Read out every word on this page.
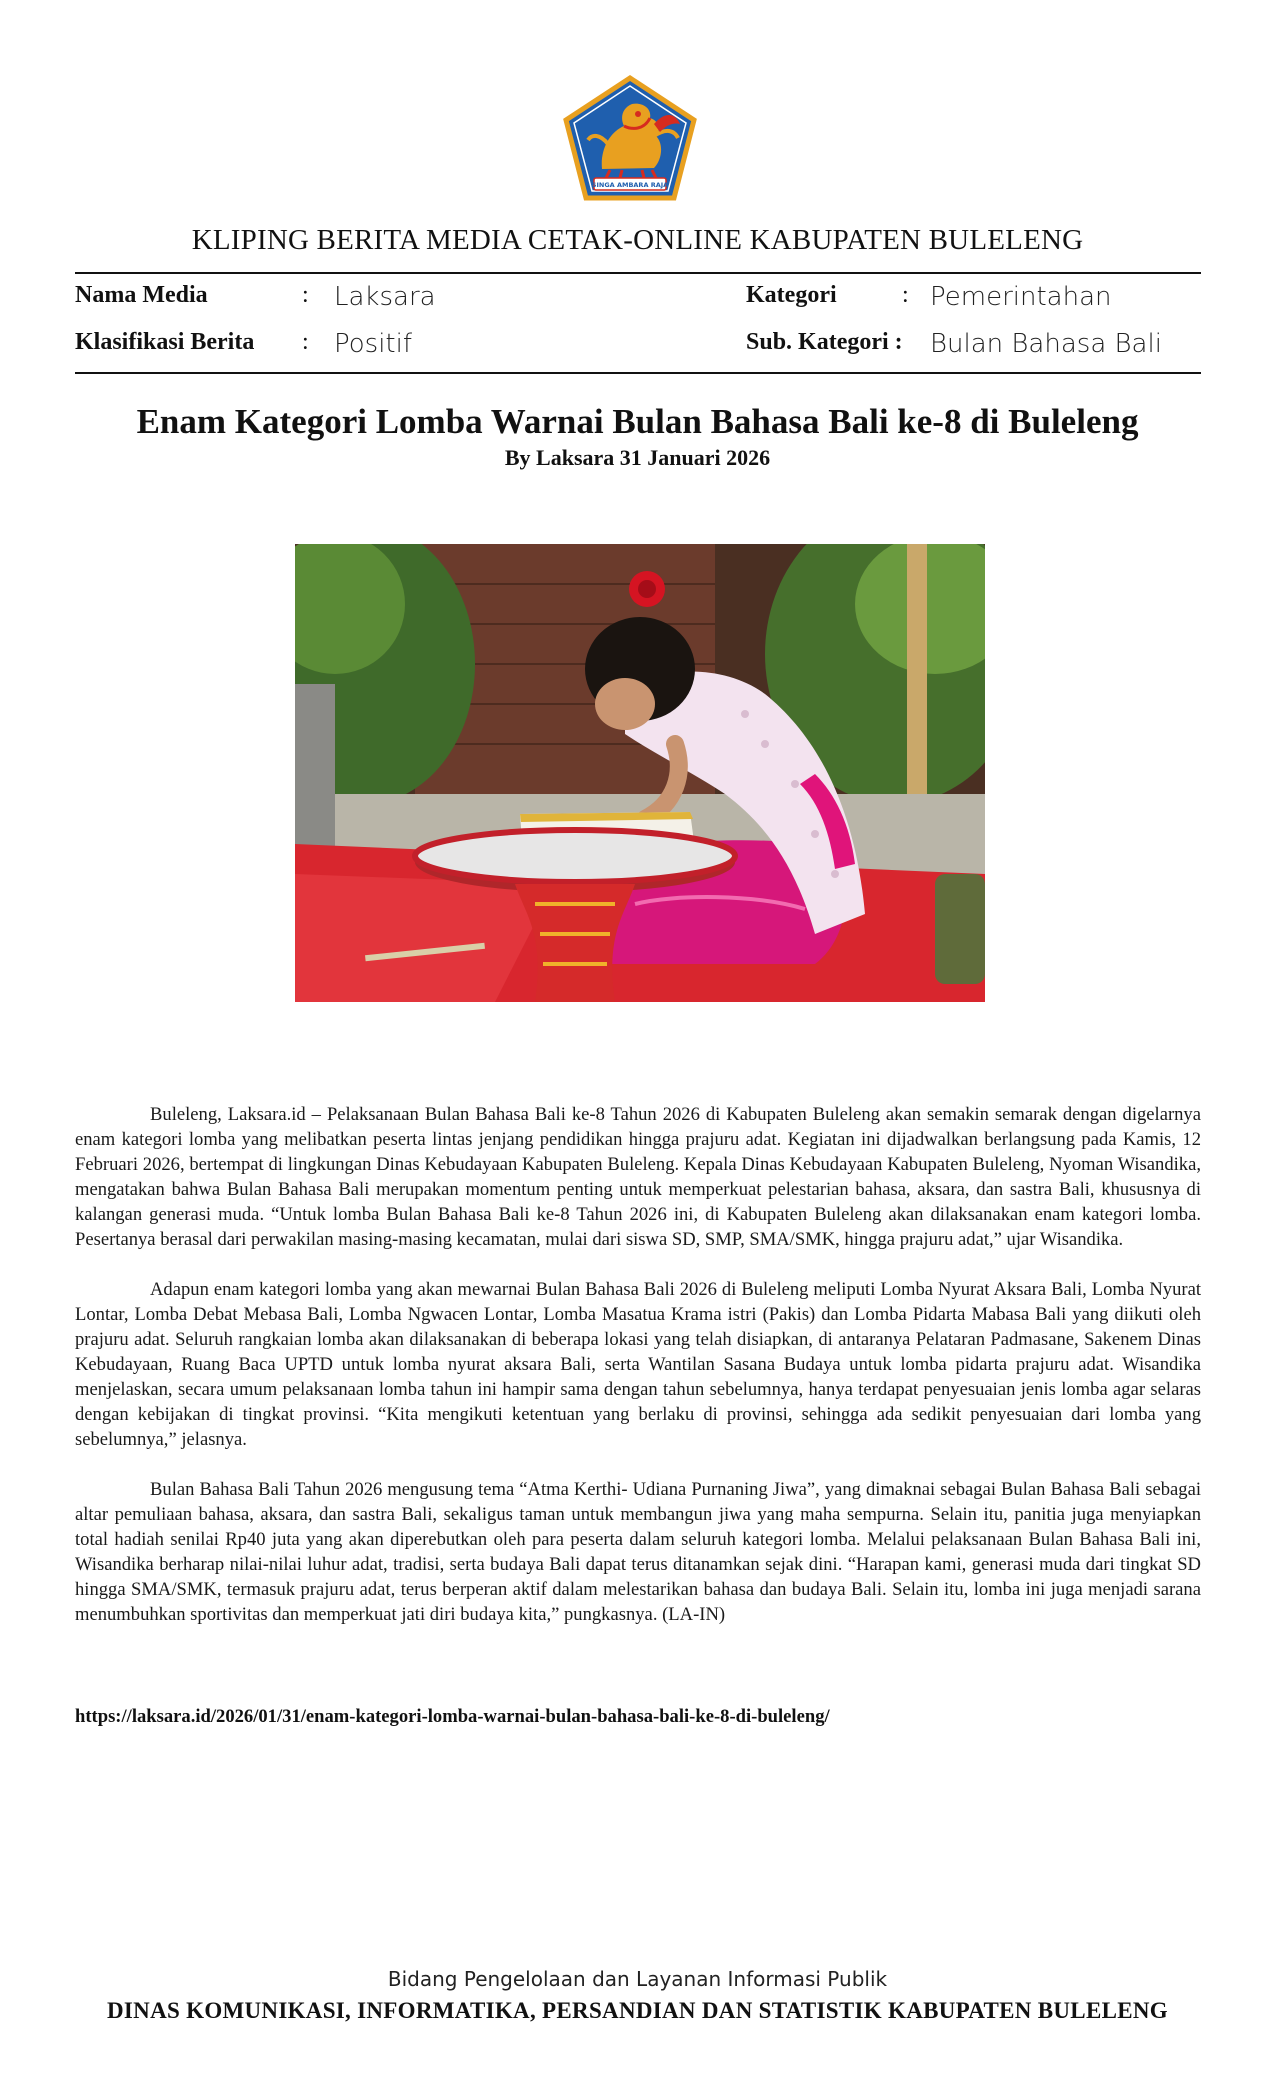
SINGA AMBARA RAJA
KLIPING BERITA MEDIA CETAK-ONLINE KABUPATEN BULELENG
Nama Media	: Laksara	Kategori	: Pemerintahan
Klasifikasi Berita : Positif	Sub. Kategori : Bulan Bahasa Bali
Enam Kategori Lomba Warnai Bulan Bahasa Bali ke-8 di Buleleng
By Laksara 31 Januari 2026

Buleleng, Laksara.id – Pelaksanaan Bulan Bahasa Bali ke-8 Tahun 2026 di Kabupaten Buleleng akan semakin semarak dengan digelarnya enam kategori lomba yang melibatkan peserta lintas jenjang pendidikan hingga prajuru adat. Kegiatan ini dijadwalkan berlangsung pada Kamis, 12 Februari 2026, bertempat di lingkungan Dinas Kebudayaan Kabupaten Buleleng. Kepala Dinas Kebudayaan Kabupaten Buleleng, Nyoman Wisandika, mengatakan bahwa Bulan Bahasa Bali merupakan momentum penting untuk memperkuat pelestarian bahasa, aksara, dan sastra Bali, khususnya di kalangan generasi muda. “Untuk lomba Bulan Bahasa Bali ke-8 Tahun 2026 ini, di Kabupaten Buleleng akan dilaksanakan enam kategori lomba. Pesertanya berasal dari perwakilan masing-masing kecamatan, mulai dari siswa SD, SMP, SMA/SMK, hingga prajuru adat,” ujar Wisandika.

Adapun enam kategori lomba yang akan mewarnai Bulan Bahasa Bali 2026 di Buleleng meliputi Lomba Nyurat Aksara Bali, Lomba Nyurat Lontar, Lomba Debat Mebasa Bali, Lomba Ngwacen Lontar, Lomba Masatua Krama istri (Pakis) dan Lomba Pidarta Mabasa Bali yang diikuti oleh prajuru adat. Seluruh rangkaian lomba akan dilaksanakan di beberapa lokasi yang telah disiapkan, di antaranya Pelataran Padmasane, Sakenem Dinas Kebudayaan, Ruang Baca UPTD untuk lomba nyurat aksara Bali, serta Wantilan Sasana Budaya untuk lomba pidarta prajuru adat. Wisandika menjelaskan, secara umum pelaksanaan lomba tahun ini hampir sama dengan tahun sebelumnya, hanya terdapat penyesuaian jenis lomba agar selaras dengan kebijakan di tingkat provinsi. “Kita mengikuti ketentuan yang berlaku di provinsi, sehingga ada sedikit penyesuaian dari lomba yang sebelumnya,” jelasnya.

Bulan Bahasa Bali Tahun 2026 mengusung tema “Atma Kerthi- Udiana Purnaning Jiwa”, yang dimaknai sebagai Bulan Bahasa Bali sebagai altar pemuliaan bahasa, aksara, dan sastra Bali, sekaligus taman untuk membangun jiwa yang maha sempurna. Selain itu, panitia juga menyiapkan total hadiah senilai Rp40 juta yang akan diperebutkan oleh para peserta dalam seluruh kategori lomba. Melalui pelaksanaan Bulan Bahasa Bali ini, Wisandika berharap nilai-nilai luhur adat, tradisi, serta budaya Bali dapat terus ditanamkan sejak dini. “Harapan kami, generasi muda dari tingkat SD hingga SMA/SMK, termasuk prajuru adat, terus berperan aktif dalam melestarikan bahasa dan budaya Bali. Selain itu, lomba ini juga menjadi sarana menumbuhkan sportivitas dan memperkuat jati diri budaya kita,” pungkasnya. (LA-IN)

https://laksara.id/2026/01/31/enam-kategori-lomba-warnai-bulan-bahasa-bali-ke-8-di-buleleng/
Bidang Pengelolaan dan Layanan Informasi Publik
DINAS KOMUNIKASI, INFORMATIKA, PERSANDIAN DAN STATISTIK KABUPATEN BULELENG
